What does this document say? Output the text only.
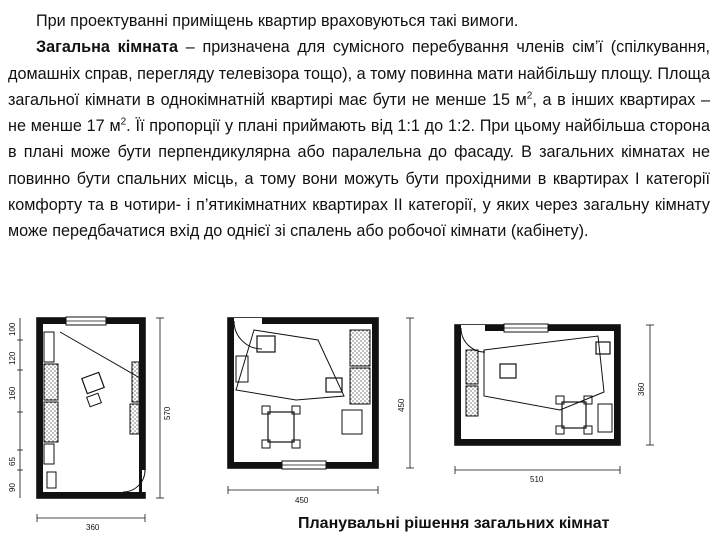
При проектуванні приміщень квартир враховуються такі вимоги.

Загальна кімната – призначена для сумісного перебування членів сім’ї (спілкування, домашніх справ, перегляду телевізора тощо), а тому повинна мати найбільшу площу. Площа загальної кімнати в однокімнатній квартирі має бути не менше 15 $м^2$, а в інших квартирах – не менше 17 $м^2$. Її пропорції у плані приймають від 1:1 до 1:2. При цьому найбільша сторона в плані може бути перпендикулярна або паралельна до фасаду. В загальних кімнатах не повинно бути спальних місць, а тому вони можуть бути прохідними в квартирах I категорії комфорту та в чотири- і п’ятикімнатних квартирах II категорії, у яких через загальну кімнату може передбачатися вхід до однієї зі спалень або робочої кімнати (кабінету).

100
120
160
65
90
570
360
450
450
360
510
Планувальні рішення загальних кімнат
